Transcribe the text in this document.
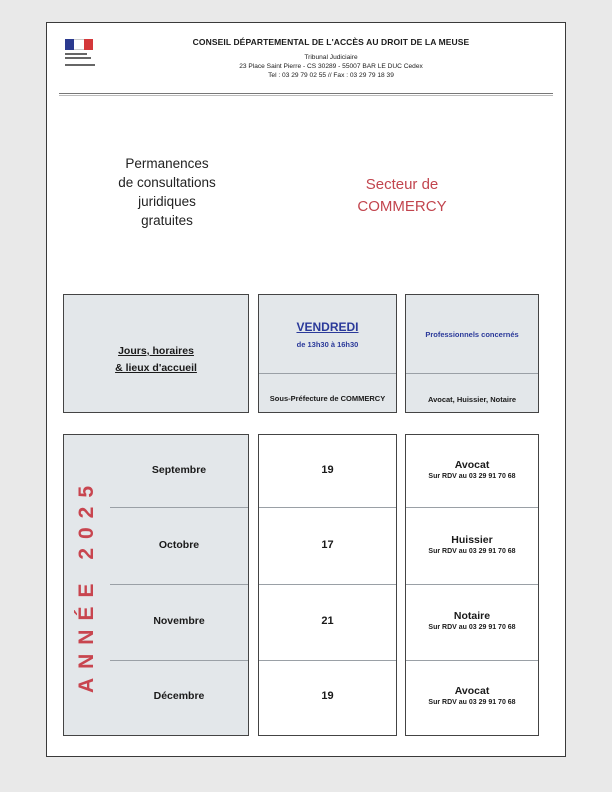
CONSEIL DÉPARTEMENTAL DE L'ACCÈS AU DROIT DE LA MEUSE
Tribunal Judiciaire
23 Place Saint Pierre - CS 30289 - 55007 BAR LE DUC Cedex
Tel : 03 29 79 02 55 // Fax : 03 29 79 18 39
Permanences
de consultations
juridiques
gratuites
Secteur de
COMMERCY
Jours, horaires
& lieux d'accueil
VENDREDI
de 13h30 à 16h30
Sous-Préfecture de COMMERCY
Professionnels concernés
Avocat, Huissier, Notaire
ANNÉE 2025
Septembre
Octobre
Novembre
Décembre
19
17
21
19
Avocat
Sur RDV au 03 29 91 70 68
Huissier
Sur RDV au 03 29 91 70 68
Notaire
Sur RDV au 03 29 91 70 68
Avocat
Sur RDV au 03 29 91 70 68
